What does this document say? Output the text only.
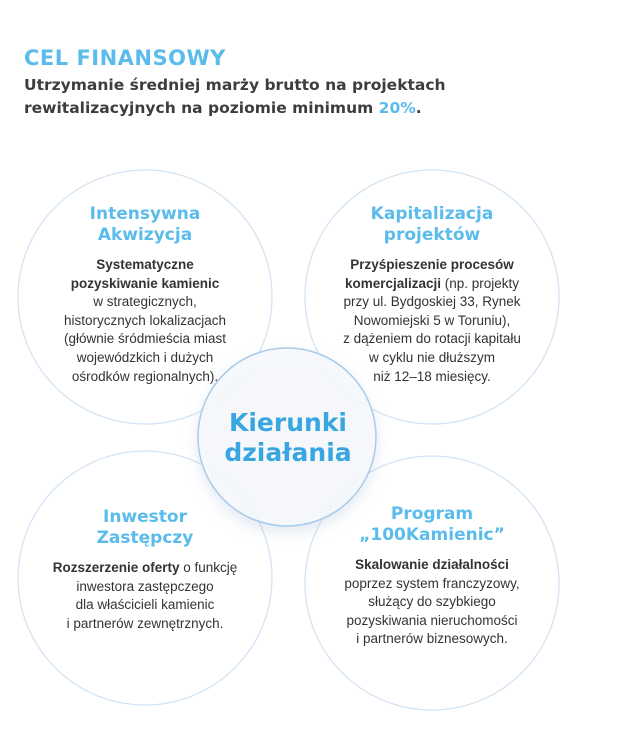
CEL FINANSOWY

Utrzymanie średniej marży brutto na projektach rewitalizacyjnych na poziomie minimum 20%.

Kierunki
działania
Intensywna
Akwizycja
Systematyczne
pozyskiwanie kamienic
w strategicznych,
historycznych lokalizacjach
(głównie śródmieścia miast
wojewódzkich i dużych
ośrodków regionalnych).
Kapitalizacja
projektów
Przyśpieszenie procesów
komercjalizacji (np. projekty
przy ul. Bydgoskiej 33, Rynek
Nowomiejski 5 w Toruniu),
z dążeniem do rotacji kapitału
w cyklu nie dłuższym
niż 12–18 miesięcy.
Inwestor
Zastępczy
Rozszerzenie oferty o funkcję
inwestora zastępczego
dla właścicieli kamienic
i partnerów zewnętrznych.
Program
„100Kamienic”
Skalowanie działalności
poprzez system franczyzowy,
służący do szybkiego
pozyskiwania nieruchomości
i partnerów biznesowych.
